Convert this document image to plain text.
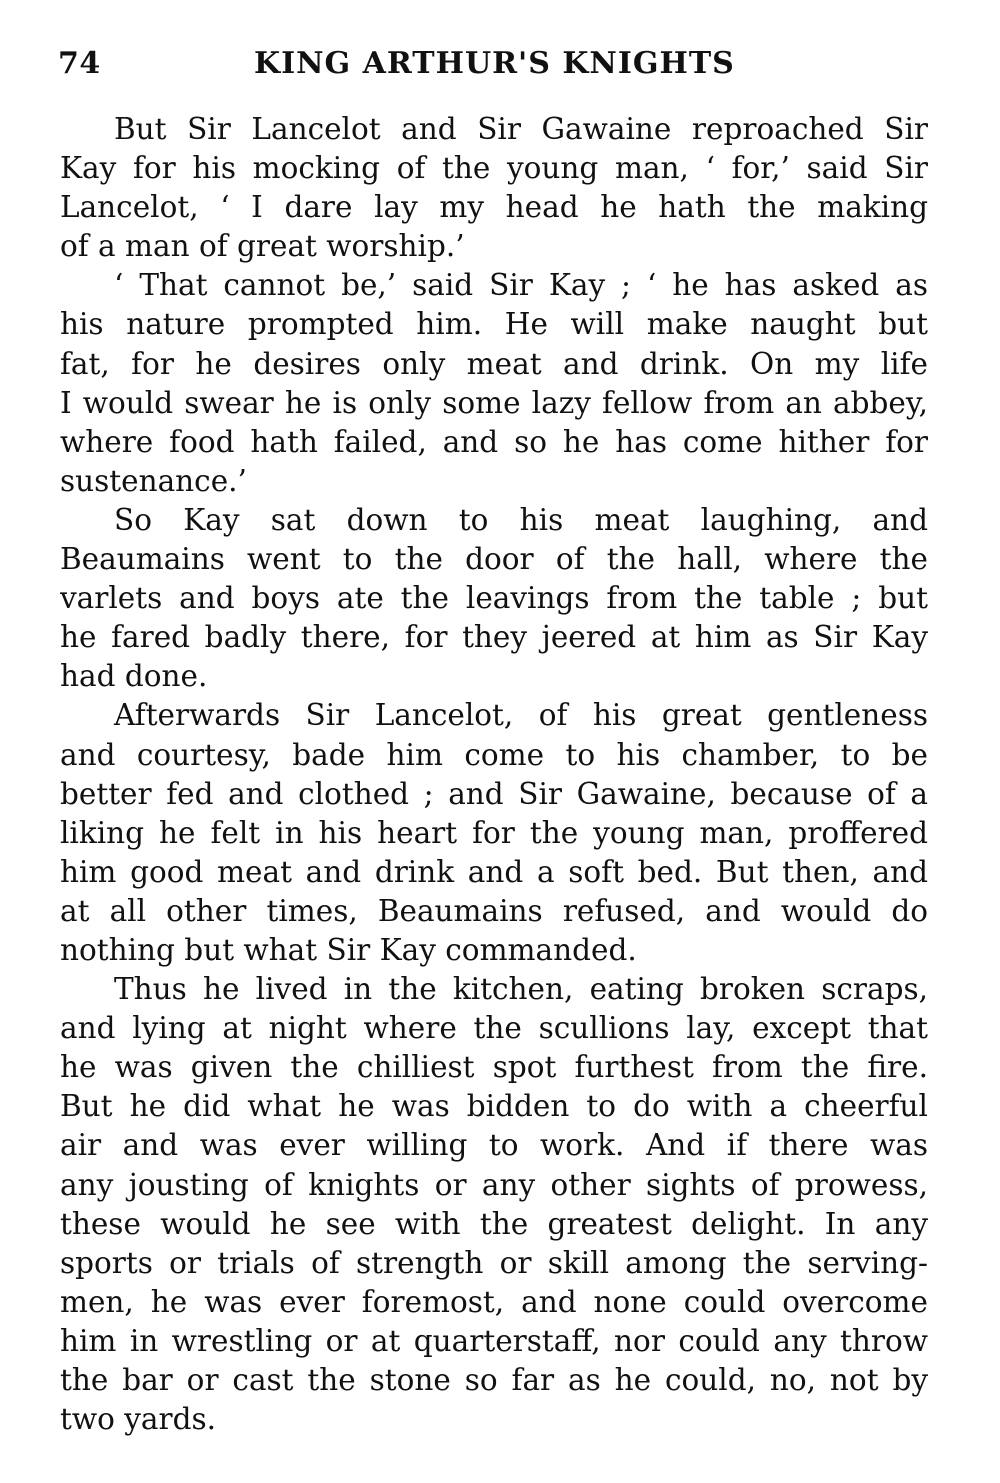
74	KING ARTHUR'S KNIGHTS
But Sir Lancelot and Sir Gawaine reproached Sir
Kay for his mocking of the young man, ‘ for,’ said Sir
Lancelot, ‘ I dare lay my head he hath the making
of a man of great worship.’
‘ That cannot be,’ said Sir Kay ; ‘ he has asked as
his nature prompted him. He will make naught but
fat, for he desires only meat and drink. On my life
I would swear he is only some lazy fellow from an abbey,
where food hath failed, and so he has come hither for
sustenance.’
So Kay sat down to his meat laughing, and
Beaumains went to the door of the hall, where the
varlets and boys ate the leavings from the table ; but
he fared badly there, for they jeered at him as Sir Kay
had done.
Afterwards Sir Lancelot, of his great gentleness
and courtesy, bade him come to his chamber, to be
better fed and clothed ; and Sir Gawaine, because of a
liking he felt in his heart for the young man, proffered
him good meat and drink and a soft bed. But then, and
at all other times, Beaumains refused, and would do
nothing but what Sir Kay commanded.
Thus he lived in the kitchen, eating broken scraps,
and lying at night where the scullions lay, except that
he was given the chilliest spot furthest from the fire.
But he did what he was bidden to do with a cheerful
air and was ever willing to work. And if there was
any jousting of knights or any other sights of prowess,
these would he see with the greatest delight. In any
sports or trials of strength or skill among the serving-
men, he was ever foremost, and none could overcome
him in wrestling or at quarterstaff, nor could any throw
the bar or cast the stone so far as he could, no, not by
two yards.
